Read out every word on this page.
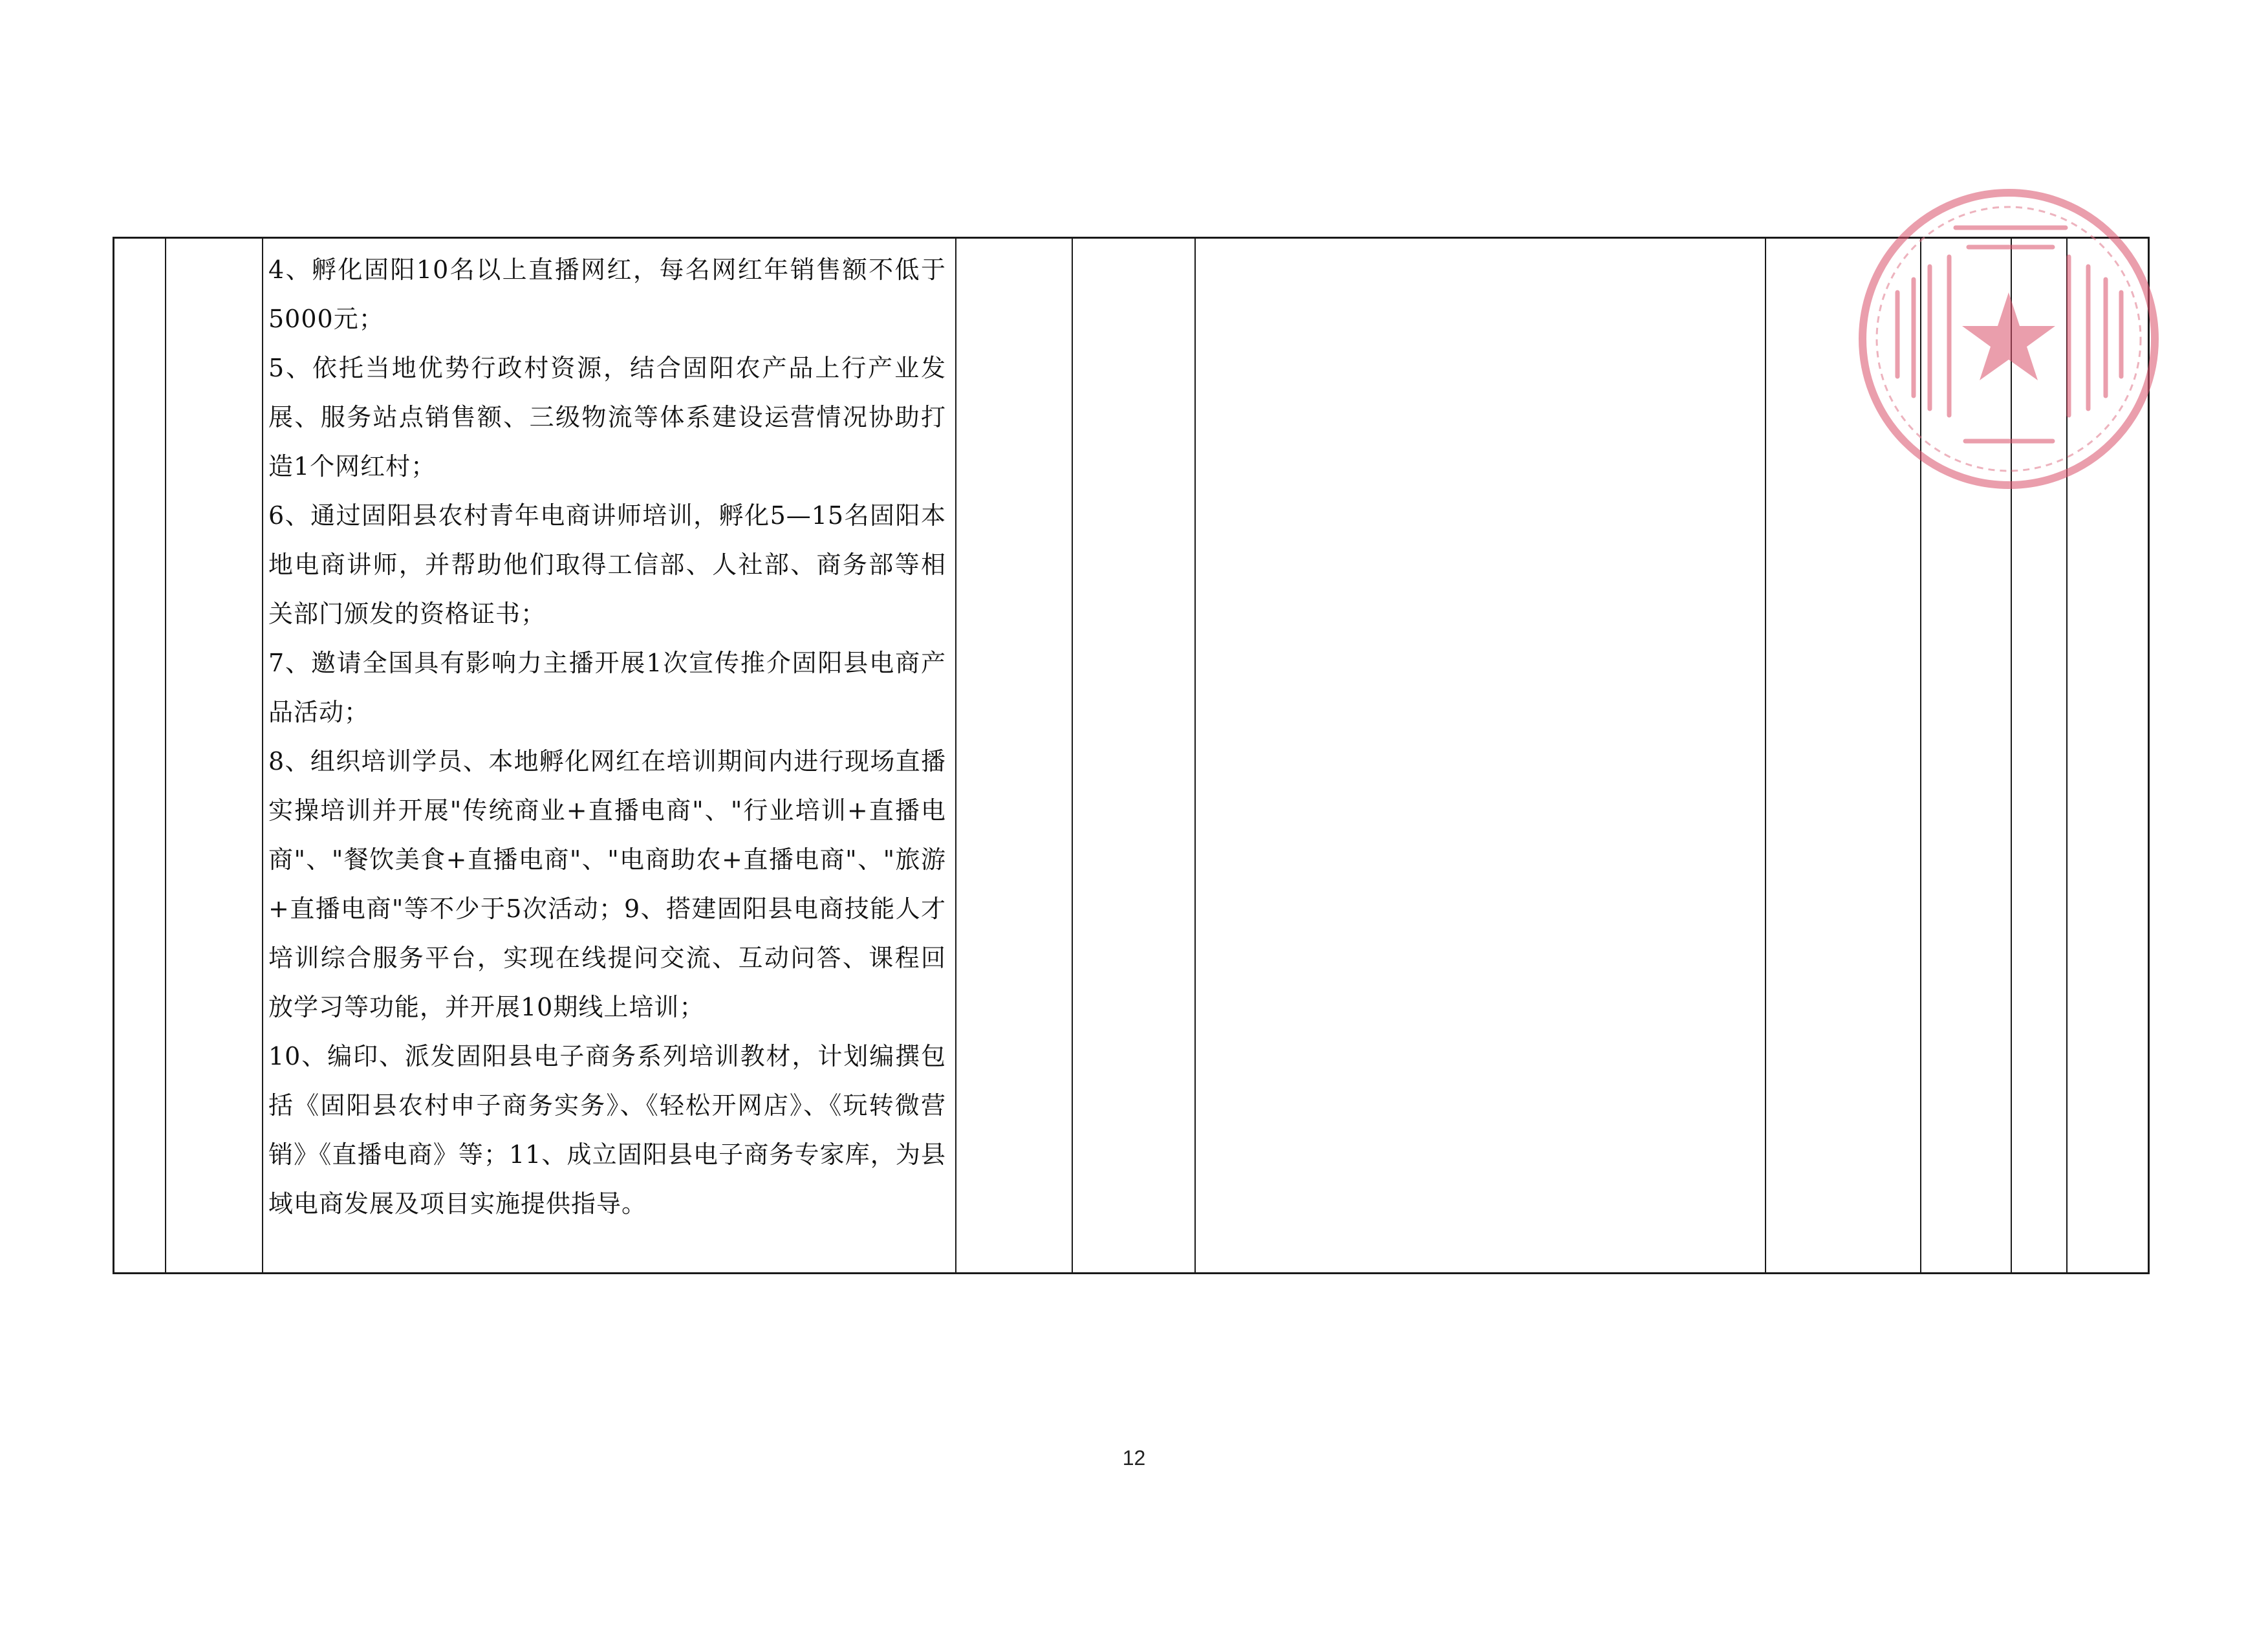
4、孵化固阳10名以上直播网红，每名网红年销售额不低于5000元；

5、依托当地优势行政村资源，结合固阳农产品上行产业发展、服务站点销售额、三级物流等体系建设运营情况协助打造1个网红村；

6、通过固阳县农村青年电商讲师培训，孵化5—15名固阳本地电商讲师，并帮助他们取得工信部、人社部、商务部等相关部门颁发的资格证书；

7、邀请全国具有影响力主播开展1次宣传推介固阳县电商产品活动；

8、组织培训学员、本地孵化网红在培训期间内进行现场直播实操培训并开展"传统商业+直播电商"、"行业培训+直播电商"、"餐饮美食+直播电商"、"电商助农+直播电商"、"旅游+直播电商"等不少于5次活动；9、搭建固阳县电商技能人才培训综合服务平台，实现在线提问交流、互动问答、课程回放学习等功能，并开展10期线上培训；

10、编印、派发固阳县电子商务系列培训教材，计划编撰包括《固阳县农村申子商务实务》、《轻松开网店》、《玩转微营销》《直播电商》等；11、成立固阳县电子商务专家库，为县域电商发展及项目实施提供指导。

12
